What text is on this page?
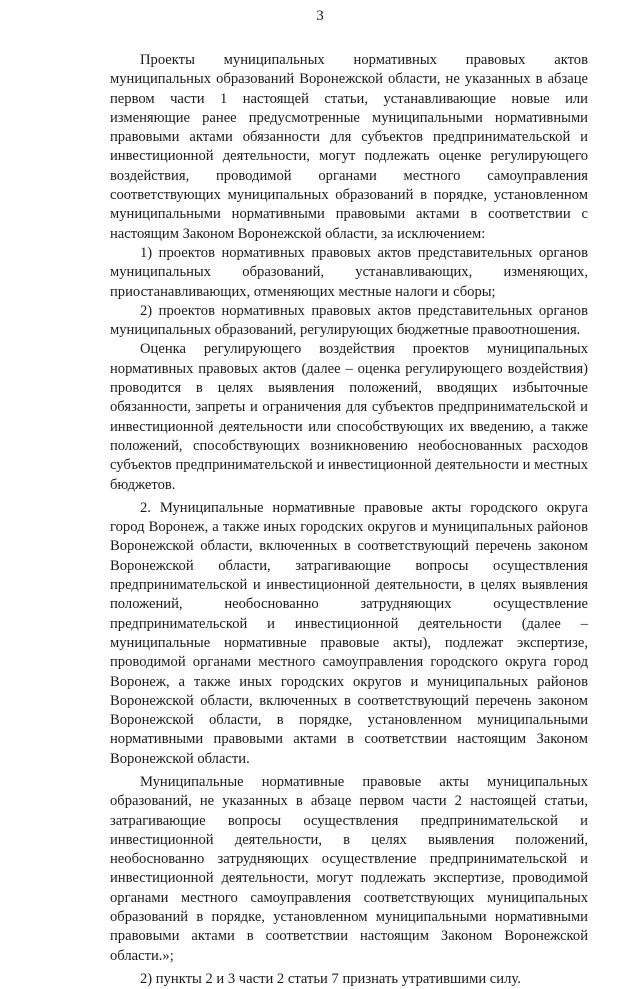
3

Проекты муниципальных нормативных правовых актов муниципальных образований Воронежской области, не указанных в абзаце первом части 1 настоящей статьи, устанавливающие новые или изменяющие ранее предусмотренные муниципальными нормативными правовыми актами обязанности для субъектов предпринимательской и инвестиционной деятельности, могут подлежать оценке регулирующего воздействия, проводимой органами местного самоуправления соответствующих муниципальных образований в порядке, установленном муниципальными нормативными правовыми актами в соответствии с настоящим Законом Воронежской области, за исключением:

1) проектов нормативных правовых актов представительных органов муниципальных образований, устанавливающих, изменяющих, приостанавливающих, отменяющих местные налоги и сборы;

2) проектов нормативных правовых актов представительных органов муниципальных образований, регулирующих бюджетные правоотношения.

Оценка регулирующего воздействия проектов муниципальных нормативных правовых актов (далее – оценка регулирующего воздействия) проводится в целях выявления положений, вводящих избыточные обязанности, запреты и ограничения для субъектов предпринимательской и инвестиционной деятельности или способствующих их введению, а также положений, способствующих возникновению необоснованных расходов субъектов предпринимательской и инвестиционной деятельности и местных бюджетов.

2. Муниципальные нормативные правовые акты городского округа город Воронеж, а также иных городских округов и муниципальных районов Воронежской области, включенных в соответствующий перечень законом Воронежской области, затрагивающие вопросы осуществления предпринимательской и инвестиционной деятельности, в целях выявления положений, необоснованно затрудняющих осуществление предпринимательской и инвестиционной деятельности (далее – муниципальные нормативные правовые акты), подлежат экспертизе, проводимой органами местного самоуправления городского округа город Воронеж, а также иных городских округов и муниципальных районов Воронежской области, включенных в соответствующий перечень законом Воронежской области, в порядке, установленном муниципальными нормативными правовыми актами в соответствии настоящим Законом Воронежской области.

Муниципальные нормативные правовые акты муниципальных образований, не указанных в абзаце первом части 2 настоящей статьи, затрагивающие вопросы осуществления предпринимательской и инвестиционной деятельности, в целях выявления положений, необоснованно затрудняющих осуществление предпринимательской и инвестиционной деятельности, могут подлежать экспертизе, проводимой органами местного самоуправления соответствующих муниципальных образований в порядке, установленном муниципальными нормативными правовыми актами в соответствии настоящим Законом Воронежской области.»;

2) пункты 2 и 3 части 2 статьи 7 признать утратившими силу.
